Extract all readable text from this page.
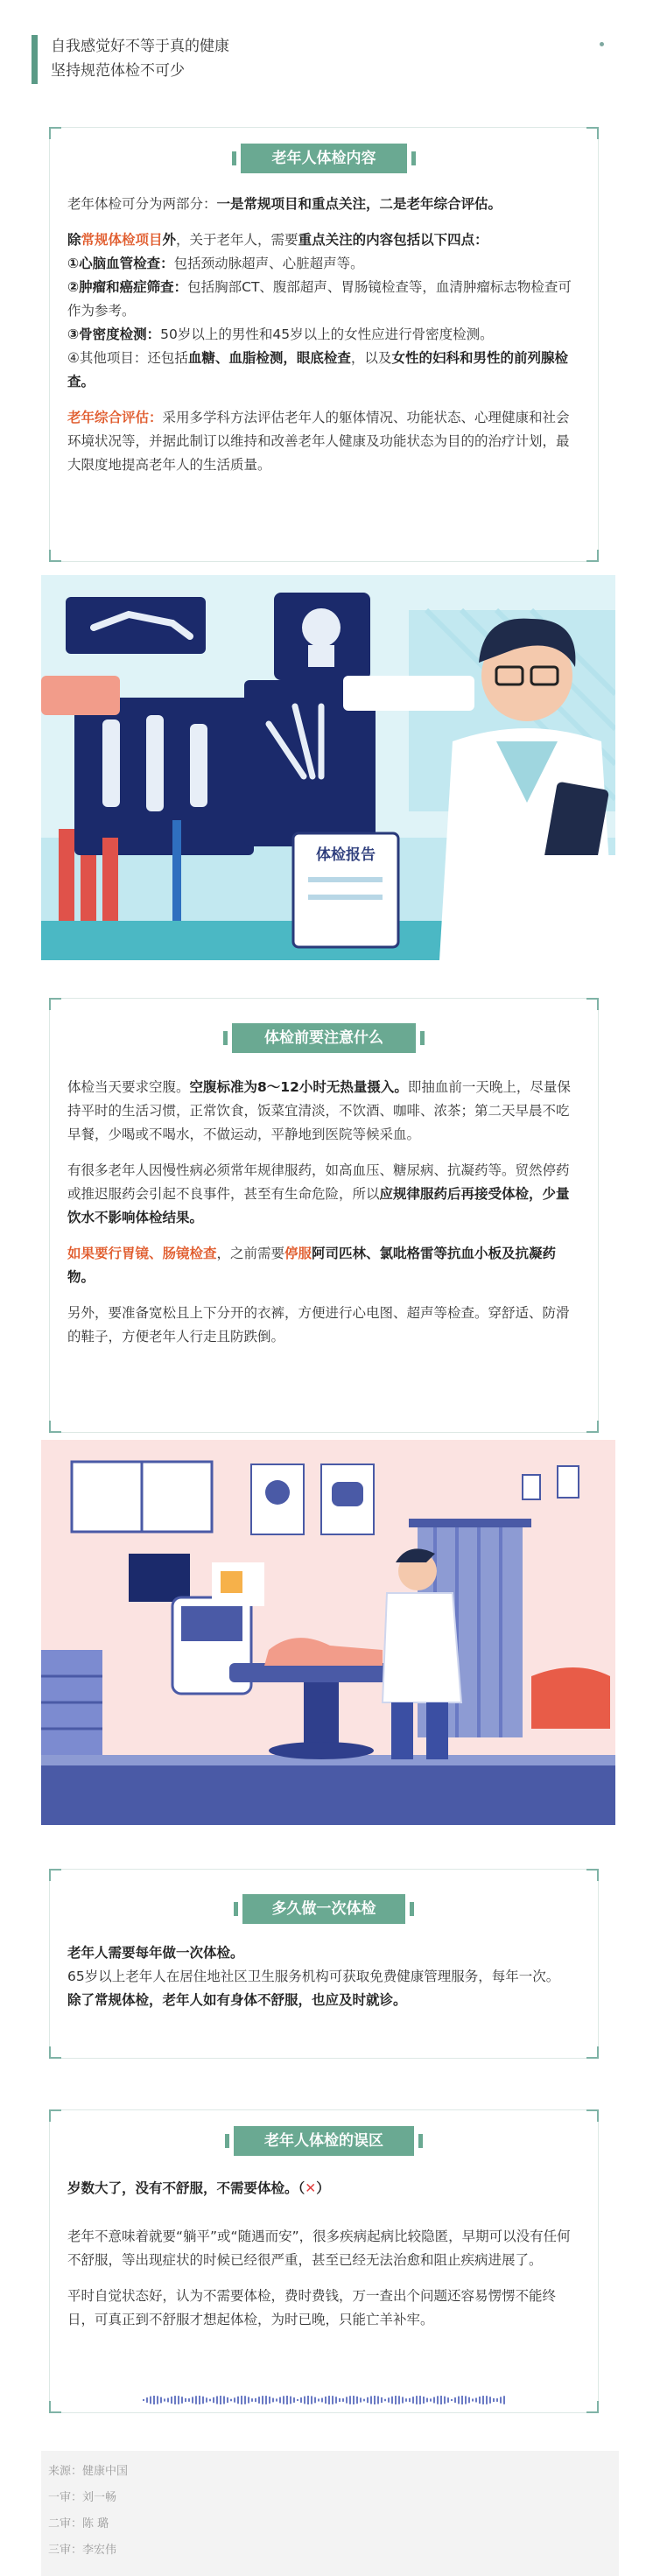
自我感觉好不等于真的健康
坚持规范体检不可少
老年人体检内容
老年体检可分为两部分：一是常规项目和重点关注，二是老年综合评估。
除常规体检项目外，关于老年人，需要重点关注的内容包括以下四点：
①心脑血管检查：包括颈动脉超声、心脏超声等。
②肿瘤和癌症筛查：包括胸部CT、腹部超声、胃肠镜检查等，血清肿瘤标志物检查可作为参考。
③骨密度检测：50岁以上的男性和45岁以上的女性应进行骨密度检测。
④其他项目：还包括血糖、血脂检测，眼底检查，以及女性的妇科和男性的前列腺检查。
老年综合评估：采用多学科方法评估老年人的躯体情况、功能状态、心理健康和社会环境状况等，并据此制订以维持和改善老年人健康及功能状态为目的的治疗计划，最大限度地提高老年人的生活质量。
体检报告
体检前要注意什么
体检当天要求空腹。空腹标准为8～12小时无热量摄入。即抽血前一天晚上，尽量保持平时的生活习惯，正常饮食，饭菜宜清淡，不饮酒、咖啡、浓茶；第二天早晨不吃早餐，少喝或不喝水，不做运动，平静地到医院等候采血。
有很多老年人因慢性病必须常年规律服药，如高血压、糖尿病、抗凝药等。贸然停药或推迟服药会引起不良事件，甚至有生命危险，所以应规律服药后再接受体检，少量饮水不影响体检结果。
如果要行胃镜、肠镜检查，之前需要停服阿司匹林、氯吡格雷等抗血小板及抗凝药物。
另外，要准备宽松且上下分开的衣裤，方便进行心电图、超声等检查。穿舒适、防滑的鞋子，方便老年人行走且防跌倒。
多久做一次体检
老年人需要每年做一次体检。
65岁以上老年人在居住地社区卫生服务机构可获取免费健康管理服务，每年一次。
除了常规体检，老年人如有身体不舒服，也应及时就诊。
老年人体检的误区
岁数大了，没有不舒服，不需要体检。（✕）
老年不意味着就要“躺平”或“随遇而安”，很多疾病起病比较隐匿，早期可以没有任何不舒服，等出现症状的时候已经很严重，甚至已经无法治愈和阻止疾病进展了。
平时自觉状态好，认为不需要体检，费时费钱，万一查出个问题还容易愣愣不能终日，可真正到不舒服才想起体检，为时已晚，只能亡羊补牢。
来源：健康中国
一审：刘一畅
二审：陈 璐
三审：李宏伟
